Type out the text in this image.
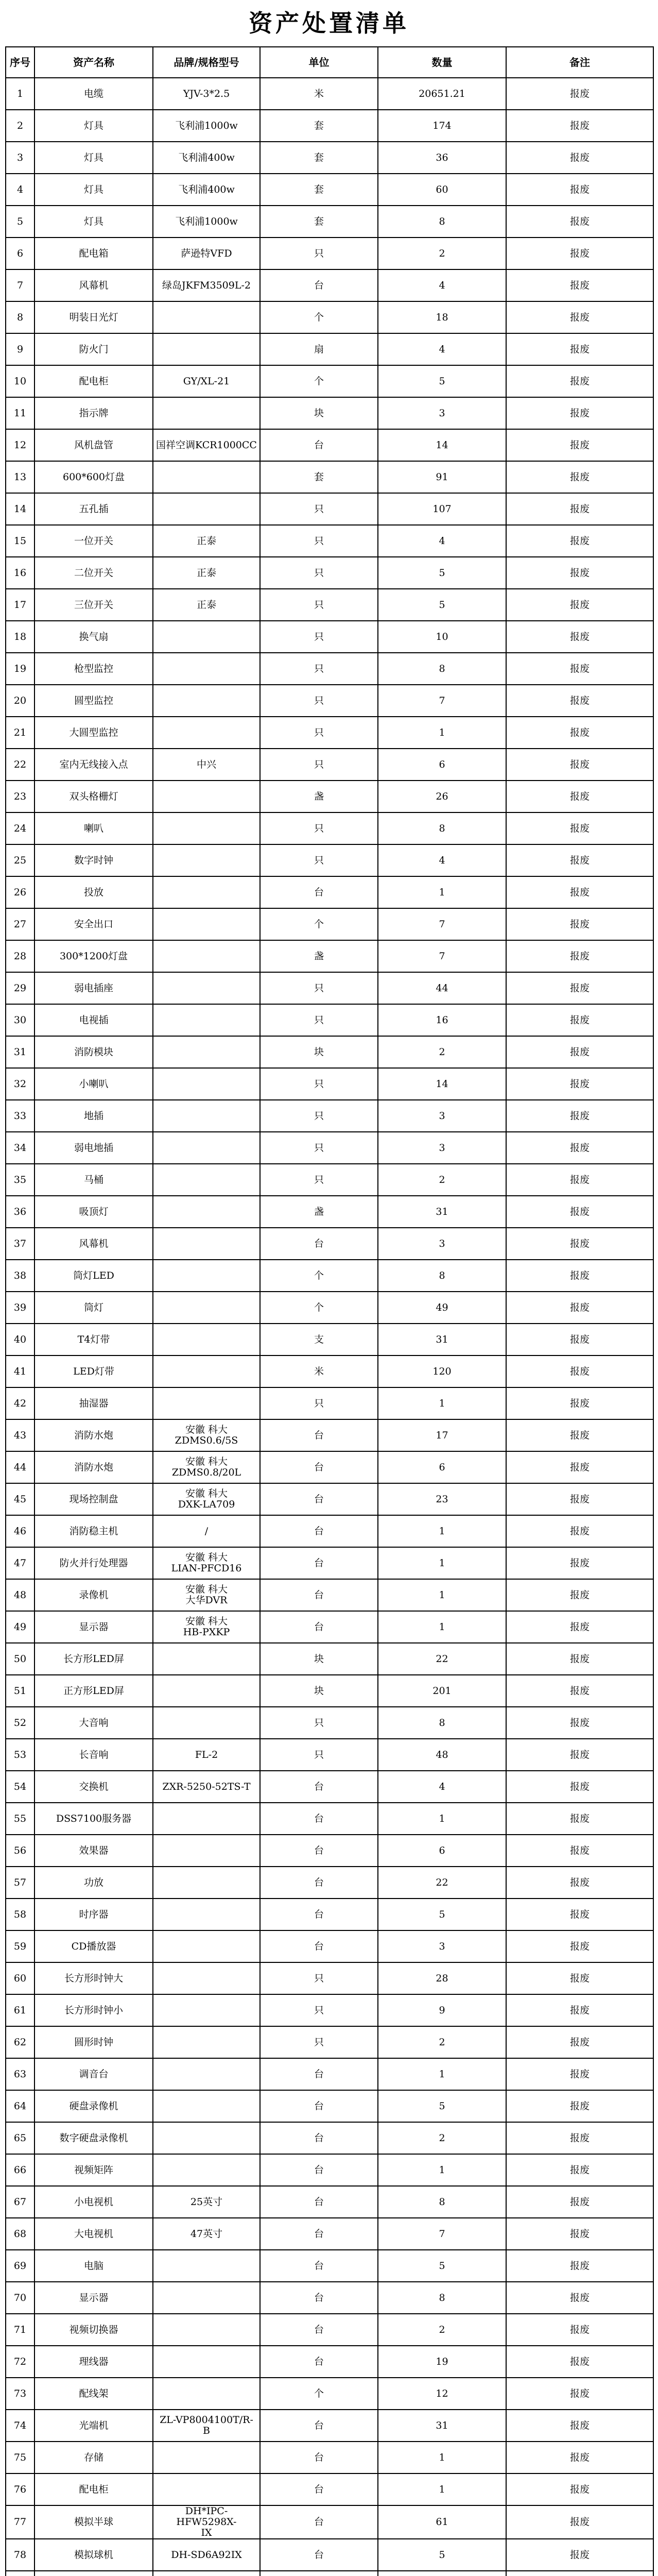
资产处置清单
序号	资产名称	品牌/规格型号	单位	数量	备注
1	电缆	YJV-3*2.5	米	20651.21	报废
2	灯具	飞利浦1000w	套	174	报废
3	灯具	飞利浦400w	套	36	报废
4	灯具	飞利浦400w	套	60	报废
5	灯具	飞利浦1000w	套	8	报废
6	配电箱	萨逊特VFD	只	2	报废
7	风幕机	绿岛JKFM3509L-2	台	4	报废
8	明装日光灯		个	18	报废
9	防火门		扇	4	报废
10	配电柜	GY/XL-21	个	5	报废
11	指示牌		块	3	报废
12	风机盘管	国祥空调KCR1000CC	台	14	报废
13	600*600灯盘		套	91	报废
14	五孔插		只	107	报废
15	一位开关	正泰	只	4	报废
16	二位开关	正泰	只	5	报废
17	三位开关	正泰	只	5	报废
18	换气扇		只	10	报废
19	枪型监控		只	8	报废
20	圆型监控		只	7	报废
21	大圆型监控		只	1	报废
22	室内无线接入点	中兴	只	6	报废
23	双头格栅灯		盏	26	报废
24	喇叭		只	8	报废
25	数字时钟		只	4	报废
26	投放		台	1	报废
27	安全出口		个	7	报废
28	300*1200灯盘		盏	7	报废
29	弱电插座		只	44	报废
30	电视插		只	16	报废
31	消防模块		块	2	报废
32	小喇叭		只	14	报废
33	地插		只	3	报废
34	弱电地插		只	3	报废
35	马桶		只	2	报废
36	吸顶灯		盏	31	报废
37	风幕机		台	3	报废
38	筒灯LED		个	8	报废
39	筒灯		个	49	报废
40	T4灯带		支	31	报废
41	LED灯带		米	120	报废
42	抽湿器		只	1	报废
43	消防水炮	安徽 科大
ZDMS0.6/5S	台	17	报废
44	消防水炮	安徽 科大
ZDMS0.8/20L	台	6	报废
45	现场控制盘	安徽 科大
DXK-LA709	台	23	报废
46	消防稳主机	/	台	1	报废
47	防火并行处理器	安徽 科大
LIAN-PFCD16	台	1	报废
48	录像机	安徽 科大
大华DVR	台	1	报废
49	显示器	安徽 科大
HB-PXKP	台	1	报废
50	长方形LED屏		块	22	报废
51	正方形LED屏		块	201	报废
52	大音响		只	8	报废
53	长音响	FL-2	只	48	报废
54	交换机	ZXR-5250-52TS-T	台	4	报废
55	DSS7100服务器		台	1	报废
56	效果器		台	6	报废
57	功放		台	22	报废
58	时序器		台	5	报废
59	CD播放器		台	3	报废
60	长方形时钟大		只	28	报废
61	长方形时钟小		只	9	报废
62	圆形时钟		只	2	报废
63	调音台		台	1	报废
64	硬盘录像机		台	5	报废
65	数字硬盘录像机		台	2	报废
66	视频矩阵		台	1	报废
67	小电视机	25英寸	台	8	报废
68	大电视机	47英寸	台	7	报废
69	电脑		台	5	报废
70	显示器		台	8	报废
71	视频切换器		台	2	报废
72	理线器		台	19	报废
73	配线架		个	12	报废
74	光端机	ZL-VP8004100T/R-
B	台	31	报废
75	存储		台	1	报废
76	配电柜		台	1	报废
77	模拟半球	DH*IPC-HFW5298X-
IX	台	61	报废
78	模拟球机	DH-SD6A92IX	台	5	报废
